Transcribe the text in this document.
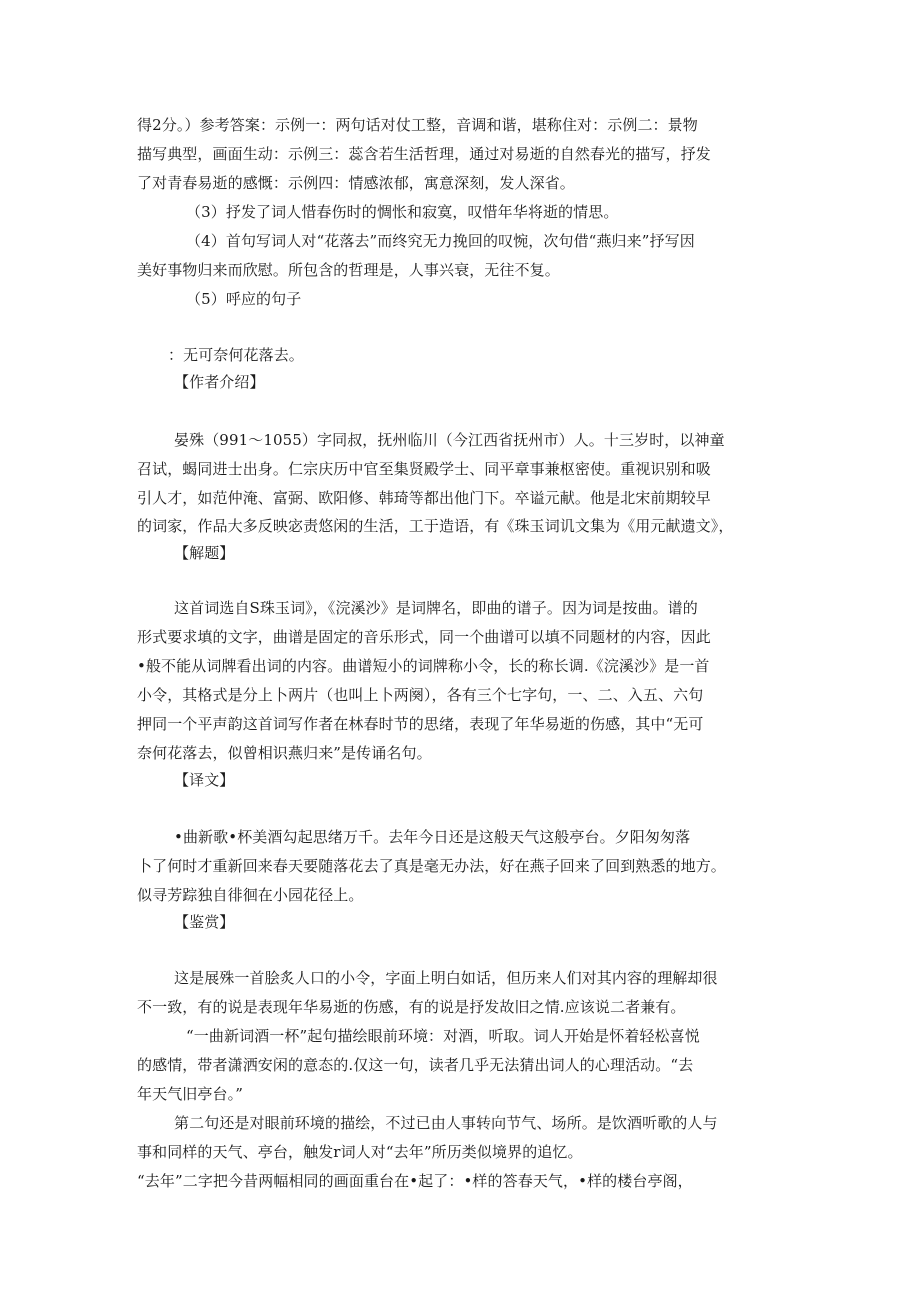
得2分。）参考答案：示例一：两句话对仗工整，音调和谐，堪称住对：示例二：景物
描写典型，画面生动：示例三：蕊含若生活哲理，通过对易逝的自然春光的描写，抒发
了对青春易逝的感慨：示例四：情感浓郁，寓意深刻，发人深省。
（3）抒发了词人惜春伤时的惆怅和寂寞，叹惜年华将逝的情思。
（4）首句写词人对“花落去”而终究无力挽回的叹惋，次句借“燕归来”抒写因
美好事物归来而欣慰。所包含的哲理是，人事兴衰，无往不复。
（5）呼应的句子
：无可奈何花落去。
【作者介绍】
晏殊（991～1055）字同叔，抚州临川（今江西省抚州市）人。十三岁时，以神童
召试，蝎同进士出身。仁宗庆历中官至集贤殿学士、同平章事兼枢密使。重视识别和吸
引人才，如范仲淹、富弼、欧阳修、韩琦等都出他门下。卒谥元献。他是北宋前期较早
的词家，作品大多反映宓责悠闲的生活，工于造语，有《珠玉词讥文集为《用元献遗文》，
【解题】
这首词选自S珠玉词》，《浣溪沙》是词牌名，即曲的谱子。因为词是按曲。谱的
形式要求填的文字，曲谱是固定的音乐形式，同一个曲谱可以填不同题材的内容，因此
•般不能从词牌看出词的内容。曲谱短小的词牌称小令，长的称长调.《浣溪沙》是一首
小令，其格式是分上卜两片（也叫上卜两阕），各有三个七字句，一、二、入五、六句
押同一个平声韵这首词写作者在林春时节的思绪，表现了年华易逝的伤感，其中“无可
奈何花落去，似曾相识燕归来”是传诵名句。
【译文】
•曲新歌•杯美酒勾起思绪万千。去年今日还是这般天气这般亭台。夕阳匆匆落
卜了何时才重新回来春天要随落花去了真是毫无办法，好在燕子回来了回到熟悉的地方。
似寻芳踪独自徘徊在小园花径上。
【鉴赏】
这是展殊一首脍炙人口的小令，字面上明白如话，但历来人们对其内容的理解却很
不一致，有的说是表现年华易逝的伤感，有的说是抒发故旧之情.应该说二者兼有。
“一曲新词酒一杯”起句描绘眼前环境：对酒，听取。词人开始是怀着轻松喜悦
的感情，带者潇洒安闲的意态的.仅这一句，读者几乎无法猜出词人的心理活动。“去
年天气旧亭台。”
第二句还是对眼前环境的描绘，不过已由人事转向节气、场所。是饮酒听歌的人与
事和同样的天气、亭台，触发r词人对“去年”所历类似境界的追忆。
“去年”二字把今昔两幅相同的画面重台在•起了：•样的答春天气，•样的楼台亭阁，
